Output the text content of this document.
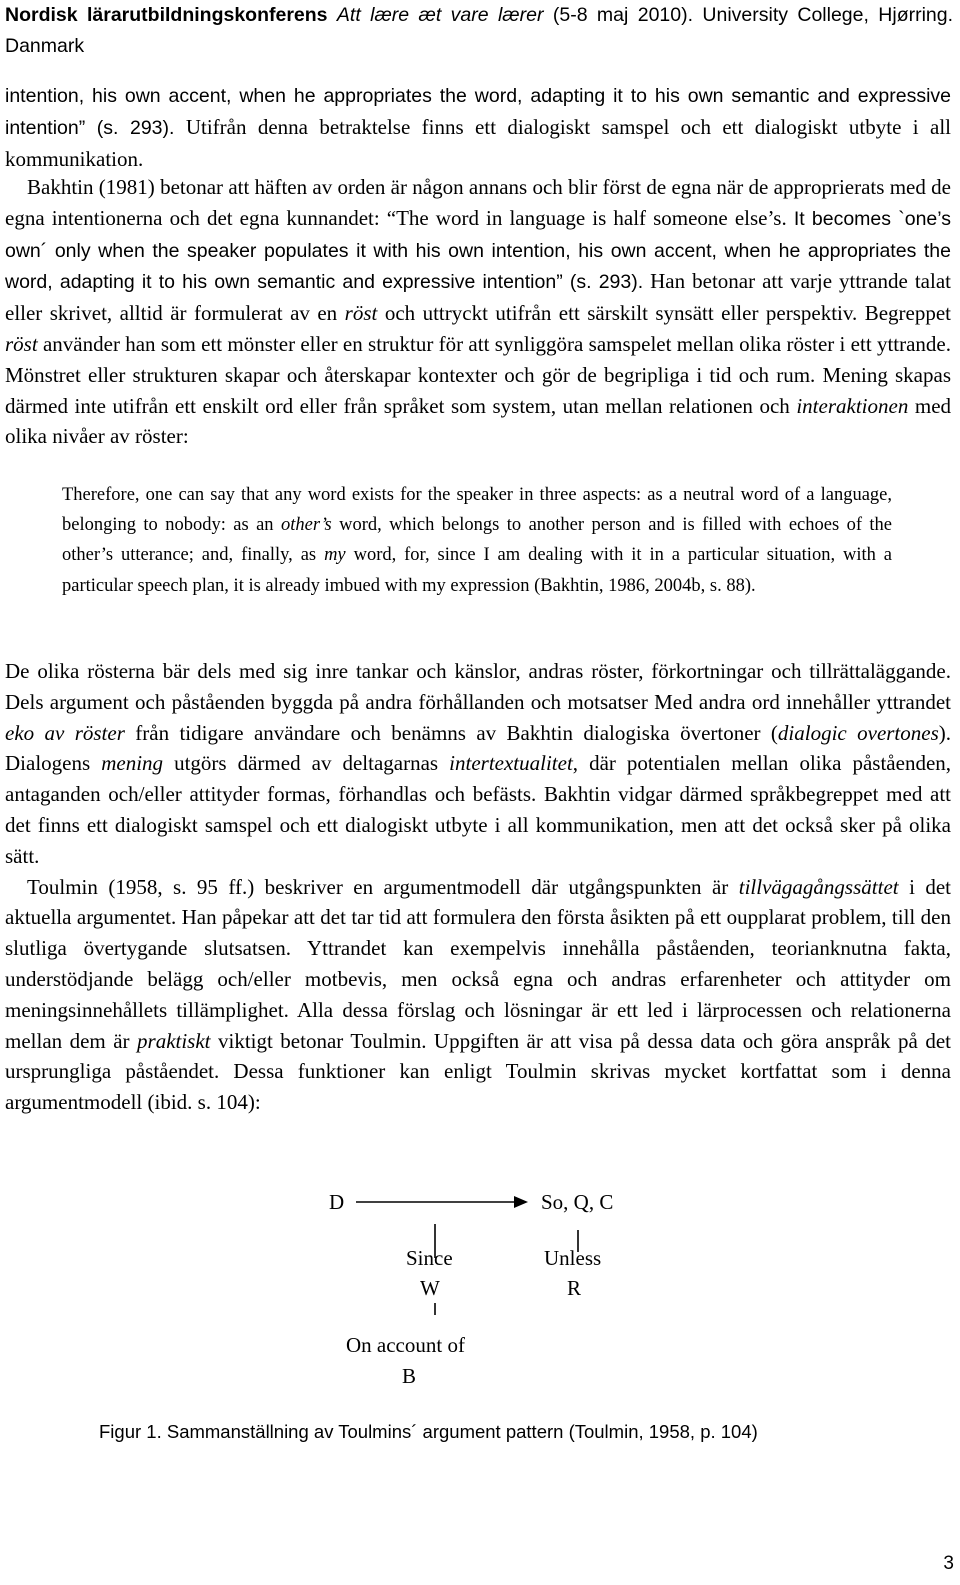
Nordisk lärarutbildningskonferens Att lære æt vare lærer (5-8 maj 2010). University College, Hjørring. Danmark

intention, his own accent, when he appropriates the word, adapting it to his own semantic and expressive intention” (s. 293). Utifrån denna betraktelse finns ett dialogiskt samspel och ett dialogiskt utbyte i all kommunikation.

Bakhtin (1981) betonar att häften av orden är någon annans och blir först de egna när de approprierats med de egna intentionerna och det egna kunnandet: “The word in language is half someone else’s. It becomes `one’s own´ only when the speaker populates it with his own intention, his own accent, when he appropriates the word, adapting it to his own semantic and expressive intention” (s. 293). Han betonar att varje yttrande talat eller skrivet, alltid är formulerat av en röst och uttryckt utifrån ett särskilt synsätt eller perspektiv. Begreppet röst använder han som ett mönster eller en struktur för att synliggöra samspelet mellan olika röster i ett yttrande. Mönstret eller strukturen skapar och återskapar kontexter och gör de begripliga i tid och rum. Mening skapas därmed inte utifrån ett enskilt ord eller från språket som system, utan mellan relationen och interaktionen med olika nivåer av röster:

Therefore, one can say that any word exists for the speaker in three aspects: as a neutral word of a language, belonging to nobody: as an other’s word, which belongs to another person and is filled with echoes of the other’s utterance; and, finally, as my word, for, since I am dealing with it in a particular situation, with a particular speech plan, it is already imbued with my expression (Bakhtin, 1986, 2004b, s. 88).

De olika rösterna bär dels med sig inre tankar och känslor, andras röster, förkortningar och tillrättaläggande. Dels argument och påståenden byggda på andra förhållanden och motsatser Med andra ord innehåller yttrandet eko av röster från tidigare användare och benämns av Bakhtin dialogiska övertoner (dialogic overtones). Dialogens mening utgörs därmed av deltagarnas intertextualitet, där potentialen mellan olika påståenden, antaganden och/eller attityder formas, förhandlas och befästs. Bakhtin vidgar därmed språkbegreppet med att det finns ett dialogiskt samspel och ett dialogiskt utbyte i all kommunikation, men att det också sker på olika sätt.

Toulmin (1958, s. 95 ff.) beskriver en argumentmodell där utgångspunkten är tillvägagångssättet i det aktuella argumentet. Han påpekar att det tar tid att formulera den första åsikten på ett oupplarat problem, till den slutliga övertygande slutsatsen. Yttrandet kan exempelvis innehålla påståenden, teorianknutna fakta, understödjande belägg och/eller motbevis, men också egna och andras erfarenheter och attityder om meningsinnehållets tillämplighet. Alla dessa förslag och lösningar är ett led i lärprocessen och relationerna mellan dem är praktiskt viktigt betonar Toulmin. Uppgiften är att visa på dessa data och göra anspråk på det ursprungliga påståendet. Dessa funktioner kan enligt Toulmin skrivas mycket kortfattat som i denna argumentmodell (ibid. s. 104):

D	So, Q, C
Since
W
Unless
R
On account of
B
Figur 1. Sammanställning av Toulmins´ argument pattern (Toulmin, 1958, p. 104)
3
